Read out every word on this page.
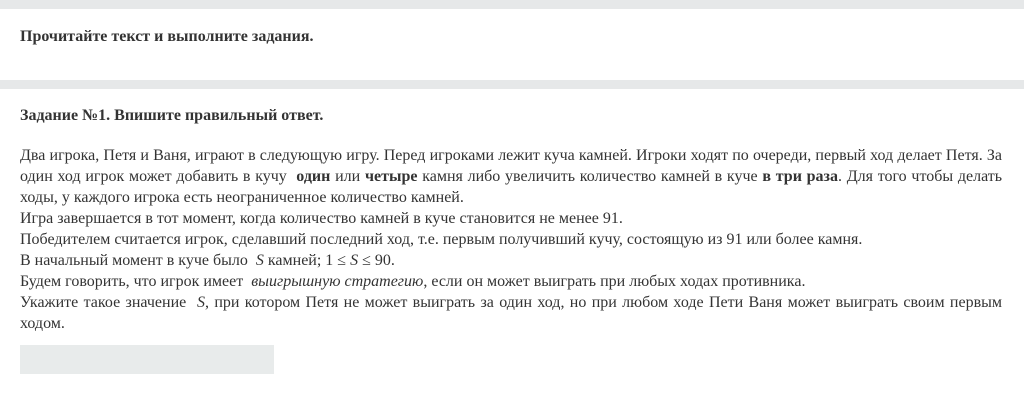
Прочитайте текст и выполните задания.
Задание №1. Впишите правильный ответ.

Два игрока, Петя и Ваня, играют в следующую игру. Перед игроками лежит куча камней. Игроки ходят по очереди, первый ход делает Петя. За один ход игрок может добавить в кучу один или четыре камня либо увеличить количество камней в куче в три раза. Для того чтобы делать ходы, у каждого игрока есть неограниченное количество камней.

Игра завершается в тот момент, когда количество камней в куче становится не менее 91.

Победителем считается игрок, сделавший последний ход, т.е. первым получивший кучу, состоящую из 91 или более камня.

В начальный момент в куче было S камней; 1 ≤ S ≤ 90.

Будем говорить, что игрок имеет выигрышную стратегию, если он может выиграть при любых ходах противника.

Укажите такое значение S, при котором Петя не может выиграть за один ход, но при любом ходе Пети Ваня может выиграть своим первым ходом.
